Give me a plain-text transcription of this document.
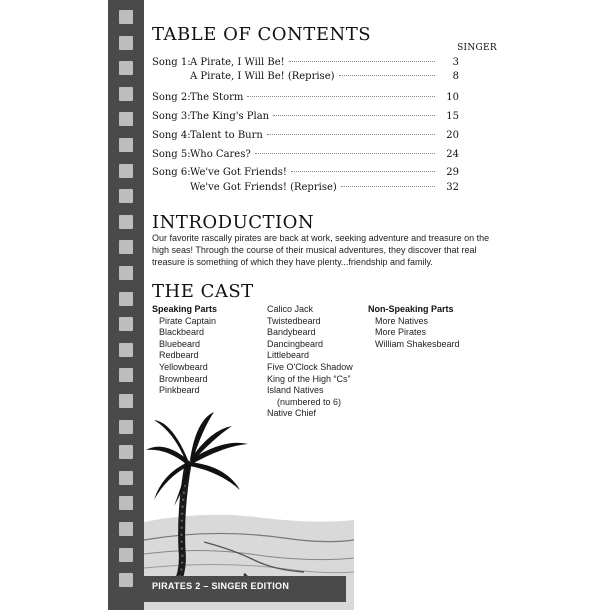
TABLE OF CONTENTS
SINGER
Song 1: A Pirate, I Will Be!	3
A Pirate, I Will Be! (Reprise)	8
Song 2: The Storm	10
Song 3: The King's Plan	15
Song 4: Talent to Burn	20
Song 5: Who Cares?	24
Song 6: We've Got Friends!	29
We've Got Friends! (Reprise)	32
INTRODUCTION
Our favorite rascally pirates are back at work, seeking adventure and treasure on the high seas! Through the course of their musical adventures, they discover that real treasure is something of which they have plenty...friendship and family.
THE CAST
Speaking Parts
Pirate Captain
Blackbeard
Bluebeard
Redbeard
Yellowbeard
Brownbeard
Pinkbeard
Calico Jack
Twistedbeard
Bandybeard
Dancingbeard
Littlebeard
Five O'Clock Shadow
King of the High “Cs”
Island Natives
(numbered to 6)
Native Chief
Non-Speaking Parts
More Natives
More Pirates
William Shakesbeard
PIRATES 2 – SINGER EDITION
